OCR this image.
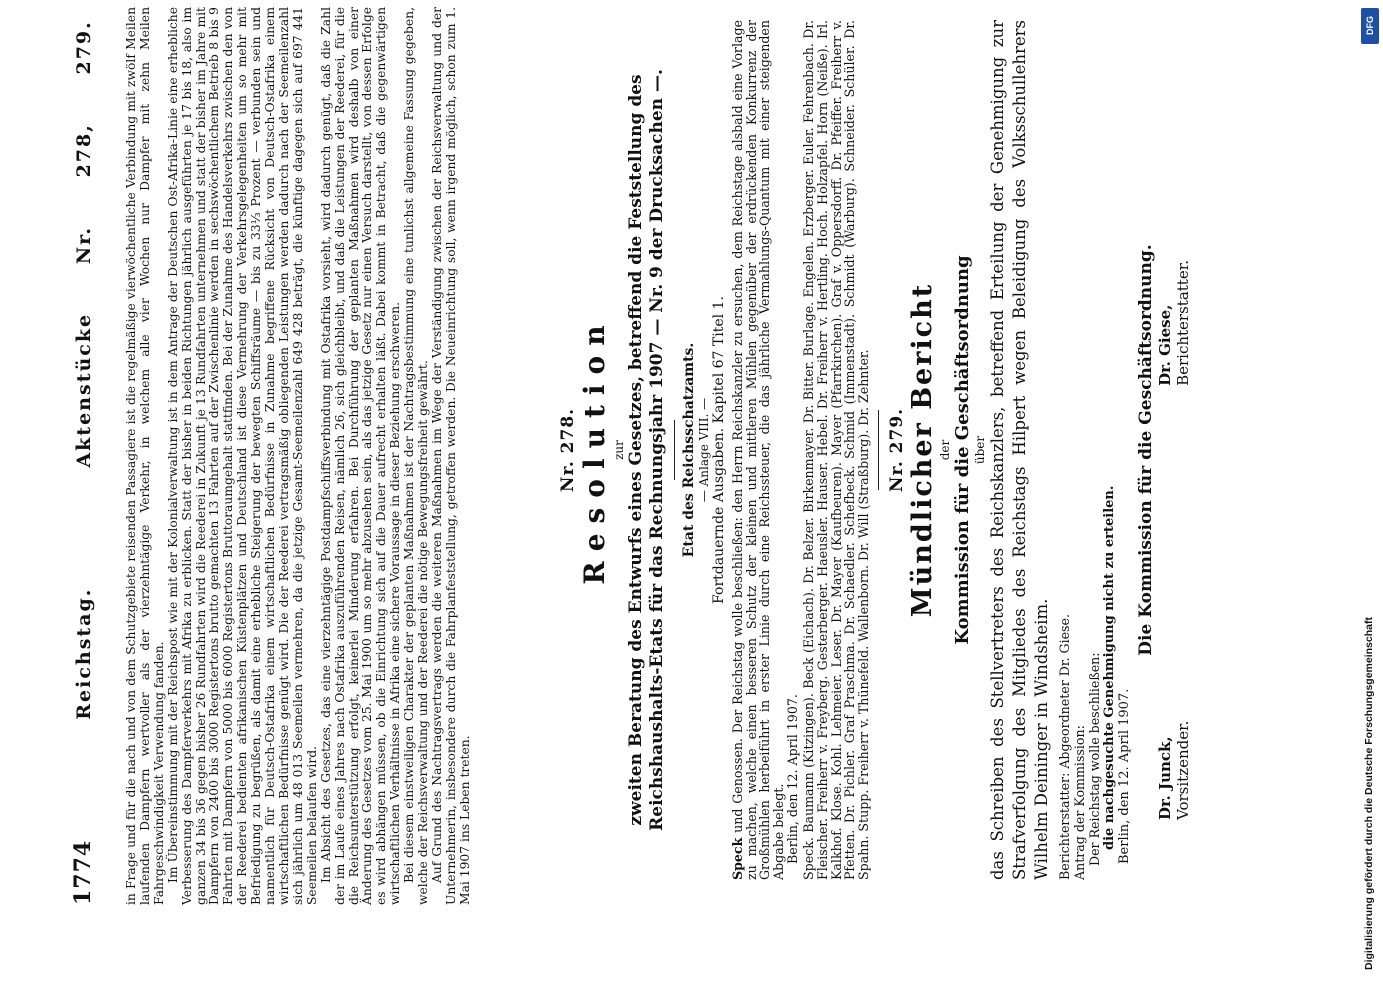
1774
Reichstag.
Aktenstücke Nr. 278, 279. in Frage und für die nach und von dem Schutzgebiete reisenden Passagiere ist die regelmäßige vierwöchentliche Verbindung mit zwölf Meilen laufenden Dampfern wertvoller als der vierzehntägige Verkehr, in welchem alle vier Wochen nur Dampfer mit zehn Meilen Fahrgeschwindigkeit Verwendung fanden. Im Übereinstimmung mit der Reichspost wie mit der Kolonialverwaltung ist in dem Antrage der Deutschen Ost-Afrika-Linie eine erhebliche Verbesserung des Dampferverkehrs mit Afrika zu erblicken. Statt der bisher in beiden Richtungen jährlich ausgeführten je 17 bis 18, also im ganzen 34 bis 36 gegen bisher 26 Rundfahrten wird die Reederei in Zukunft je 13 Rundfahrten unternehmen und statt der bisher im Jahre mit Dampfern von 2400 bis 3000 Registertons brutto gemachten 13 Fahrten auf der Zwischenlinie werden in sechswöchentlichem Betrieb 8 bis 9 Fahrten mit Dampfern von 5000 bis 6000 Registertons Bruttoraumgehalt stattfinden. Bei der Zunahme des Handelsverkehrs zwischen den von der Reederei bedienten afrikanischen Küstenplätzen und Deutschland ist diese Vermehrung der Verkehrsgelegenheiten um so mehr mit Befriedigung zu begrüßen, als damit eine erhebliche Steigerung der bewegten Schiffsräume — bis zu 33⅓ Prozent — verbunden sein und namentlich für Deutsch-Ostafrika einem wirtschaftlichen Bedürfnisse in Zunahme begriffene Rücksicht von Deutsch-Ostafrika einem wirtschaftlichen Bedürfnisse genügt wird. Die der Reederei vertragsmäßig obliegenden Leistungen werden dadurch nach der Seemeilenzahl sich jährlich um 48 013 Seemeilen vermehren, da die jetzige Gesamt-Seemeilenzahl 649 428 beträgt, die künftige dagegen sich auf 697 441 Seemeilen belaufen wird. Im Absicht des Gesetzes, das eine vierzehntägige Postdampfschiffsverbindung mit Ostafrika vorsieht, wird dadurch genügt, daß die Zahl der im Laufe eines Jahres nach Ostafrika auszuführenden Reisen, nämlich 26, sich gleichbleibt, und daß die Leistungen der Reederei, für die die Reichsunterstützung erfolgt, keinerlei Minderung erfahren. Bei Durchführung der geplanten Maßnahmen wird deshalb von einer Änderung des Gesetzes vom 25. Mai 1900 um so mehr abzusehen sein, als das jetzige Gesetz nur einen Versuch darstellt, von dessen Erfolge es wird abhängen müssen, ob die Einrichtung sich auf die Dauer aufrecht erhalten läßt. Dabei kommt in Betracht, daß die gegenwärtigen wirtschaftlichen Verhältnisse in Afrika eine sichere Voraussage in dieser Beziehung erschweren. Bei diesem einstweiligen Charakter der geplanten Maßnahmen ist der Nachtragsbestimmung eine tunlichst allgemeine Fassung gegeben, welche der Reichsverwaltung und der Reederei die nötige Bewegungsfreiheit gewährt. Auf Grund des Nachtragsvertrags werden die weiteren Maßnahmen im Wege der Verständigung zwischen der Reichsverwaltung und der Unternehmerin, insbesondere durch die Fahrplanfeststellung, getroffen werden. Die Neueinrichtung soll, wenn irgend möglich, schon zum 1. Mai 1907 ins Leben treten.

DFG
Digitalisierung gefördert durch die Deutsche Forschungsgemeinschaft
Nr. 278. Resolution zur zweiten Beratung des Entwurfs eines Gesetzes, betreffend die Feststellung des Reichshaushalts-Etats für das Rechnungsjahr 1907 — Nr. 9 der Drucksachen —. Etat des Reichsschatzamts. — Anlage VIII. — Fortdauernde Ausgaben. Kapitel 67 Titel 1.

Speck und Genossen. Der Reichstag wolle beschließen: den Herrn Reichskanzler zu ersuchen, dem Reichstage alsbald eine Vorlage zu machen, welche einen besseren Schutz der kleinen und mittleren Mühlen gegenüber der erdrückenden Konkurrenz der Großmühlen herbeiführt in erster Linie durch eine Reichssteuer, die das jährliche Vermahlungs-Quantum mit einer steigenden Abgabe belegt. Berlin, den 12. April 1907. Speck. Baumann (Kitzingen). Beck (Eichach). Dr. Belzer. Birkenmayer. Dr. Bitter. Burlage. Engelen. Erzberger. Euler. Fehrenbach. Dr. Fleischer. Freiherr v. Freyberg. Gesterberger. Haeusler. Hauser. Hebel. Dr. Freiherr v. Hertling. Hoch. Holzapfel. Horn (Neiße). Irl. Kalkhof. Klose. Kohl. Lehmeier. Leser. Dr. Mayer (Kaufbeuren). Mayer (Pfarrkirchen). Graf v. Oppersdorff. Dr. Pfeiffer. Freiherr v. Pfetten. Dr. Pichler. Graf Praschma. Dr. Schaedler. Schefbeck. Schmid (Immenstadt). Schmidt (Warburg). Schneider. Schüler. Dr. Spahn. Stupp. Freiherr v. Thünefeld. Wallenborn. Dr. Will (Straßburg). Dr. Zehnter. Nr. 279. Mündlicher Bericht der Kommission für die Geschäftsordnung über das Schreiben des Stellvertreters des Reichskanzlers, betreffend Erteilung der Genehmigung zur Strafverfolgung des Mitgliedes des Reichstags Hilpert wegen Beleidigung des Volksschullehrers Wilhelm Deininger in Windsheim. Berichterstatter: Abgeordneter Dr. Giese. Antrag der Kommission: Der Reichstag wolle beschließen: die nachgesuchte Genehmigung nicht zu erteilen. Berlin, den 12. April 1907.
Die Kommission für die Geschäftsordnung.
Dr. Junck, Vorsitzender.
Dr. Giese, Berichterstatter.
